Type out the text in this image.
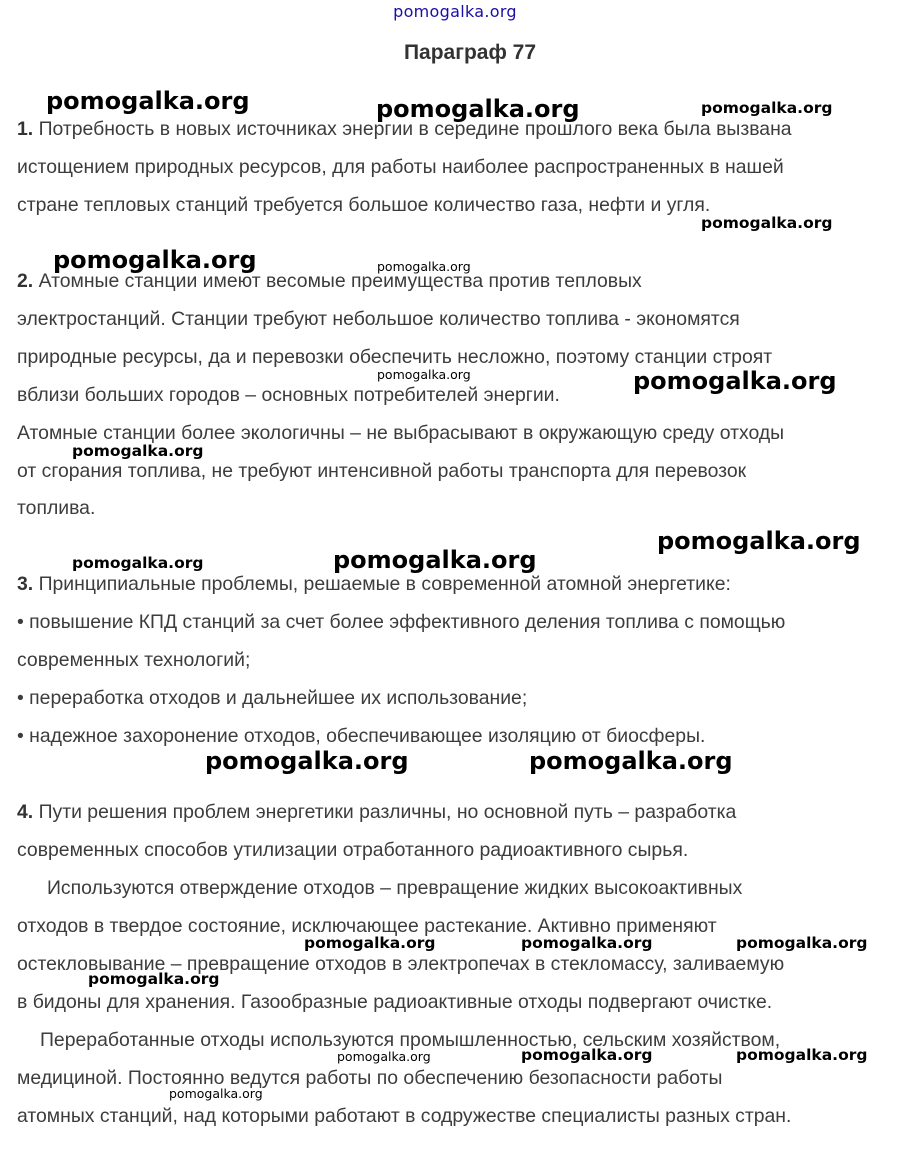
pomogalka.org
Параграф 77
1. Потребность в новых источниках энергии в середине прошлого века была вызвана
истощением природных ресурсов, для работы наиболее распространенных в нашей
стране тепловых станций требуется большое количество газа, нефти и угля.
2. Атомные станции имеют весомые преимущества против тепловых
электростанций. Станции требуют небольшое количество топлива - экономятся
природные ресурсы, да и перевозки обеспечить несложно, поэтому станции строят
вблизи больших городов – основных потребителей энергии.
Атомные станции более экологичны – не выбрасывают в окружающую среду отходы
от сгорания топлива, не требуют интенсивной работы транспорта для перевозок
топлива.
3. Принципиальные проблемы, решаемые в современной атомной энергетике:
• повышение КПД станций за счет более эффективного деления топлива с помощью
современных технологий;
• переработка отходов и дальнейшее их использование;
• надежное захоронение отходов, обеспечивающее изоляцию от биосферы.
4. Пути решения проблем энергетики различны, но основной путь – разработка
современных способов утилизации отработанного радиоактивного сырья.
Используются отверждение отходов – превращение жидких высокоактивных
отходов в твердое состояние, исключающее растекание. Активно применяют
остекловывание – превращение отходов в электропечах в стекломассу, заливаемую
в бидоны для хранения. Газообразные радиоактивные отходы подвергают очистке.
Переработанные отходы используются промышленностью, сельским хозяйством,
медициной. Постоянно ведутся работы по обеспечению безопасности работы
атомных станций, над которыми работают в содружестве специалисты разных стран.
pomogalka.org	pomogalka.org	pomogalka.org
pomogalka.org
pomogalka.org	pomogalka.org
pomogalka.org	pomogalka.org
pomogalka.org
pomogalka.org
pomogalka.org
pomogalka.org
pomogalka.org	pomogalka.org
pomogalka.org	pomogalka.org	pomogalka.org
pomogalka.org
pomogalka.org	pomogalka.org	pomogalka.org
pomogalka.org
